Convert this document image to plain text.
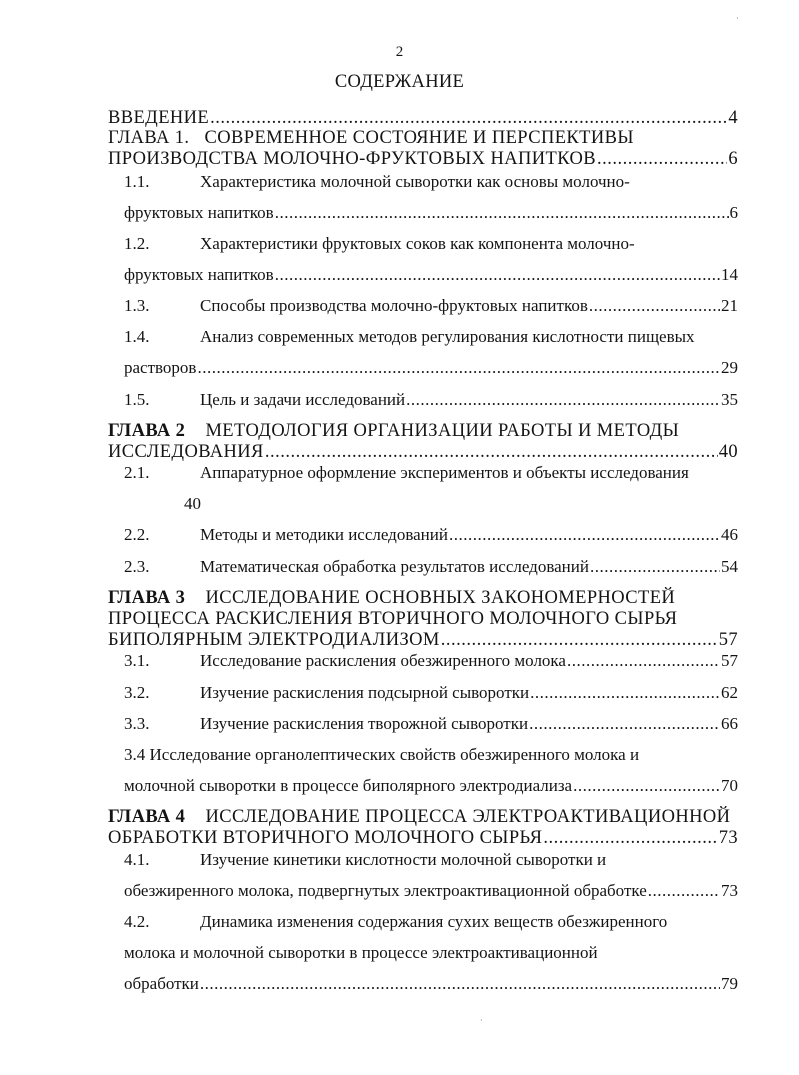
2
СОДЕРЖАНИЕ
ВВЕДЕНИЕ .....	4
ГЛАВА 1. СОВРЕМЕННОЕ СОСТОЯНИЕ И ПЕРСПЕКТИВЫ
ПРОИЗВОДСТВА МОЛОЧНО-ФРУКТОВЫХ НАПИТКОВ .....	6
1.1.	Характеристика молочной сыворотки как основы молочно-
фруктовых напитков .....	6
1.2.	Характеристики фруктовых соков как компонента молочно-
фруктовых напитков .....	14
1.3.	Способы производства молочно-фруктовых напитков .....	21
1.4.	Анализ современных методов регулирования кислотности пищевых
растворов .....	29
1.5.	Цель и задачи исследований .....	35
ГЛАВА 2 МЕТОДОЛОГИЯ ОРГАНИЗАЦИИ РАБОТЫ И МЕТОДЫ
ИССЛЕДОВАНИЯ .....	40
2.1.	Аппаратурное оформление экспериментов и объекты исследования
40
2.2.	Методы и методики исследований .....	46
2.3.	Математическая обработка результатов исследований .....	54
ГЛАВА 3 ИССЛЕДОВАНИЕ ОСНОВНЫХ ЗАКОНОМЕРНОСТЕЙ
ПРОЦЕССА РАСКИСЛЕНИЯ ВТОРИЧНОГО МОЛОЧНОГО СЫРЬЯ
БИПОЛЯРНЫМ ЭЛЕКТРОДИАЛИЗОМ .....	57
3.1.	Исследование раскисления обезжиренного молока .....	57
3.2.	Изучение раскисления подсырной сыворотки .....	62
3.3.	Изучение раскисления творожной сыворотки .....	66
3.4 Исследование органолептических свойств обезжиренного молока и
молочной сыворотки в процессе биполярного электродиализа .....	70
ГЛАВА 4 ИССЛЕДОВАНИЕ ПРОЦЕССА ЭЛЕКТРОАКТИВАЦИОННОЙ
ОБРАБОТКИ ВТОРИЧНОГО МОЛОЧНОГО СЫРЬЯ .....	73
4.1.	Изучение кинетики кислотности молочной сыворотки и
обезжиренного молока, подвергнутых электроактивационной обработке .....	73
4.2.	Динамика изменения содержания сухих веществ обезжиренного
молока и молочной сыворотки в процессе электроактивационной
обработки .....	79
·
·
